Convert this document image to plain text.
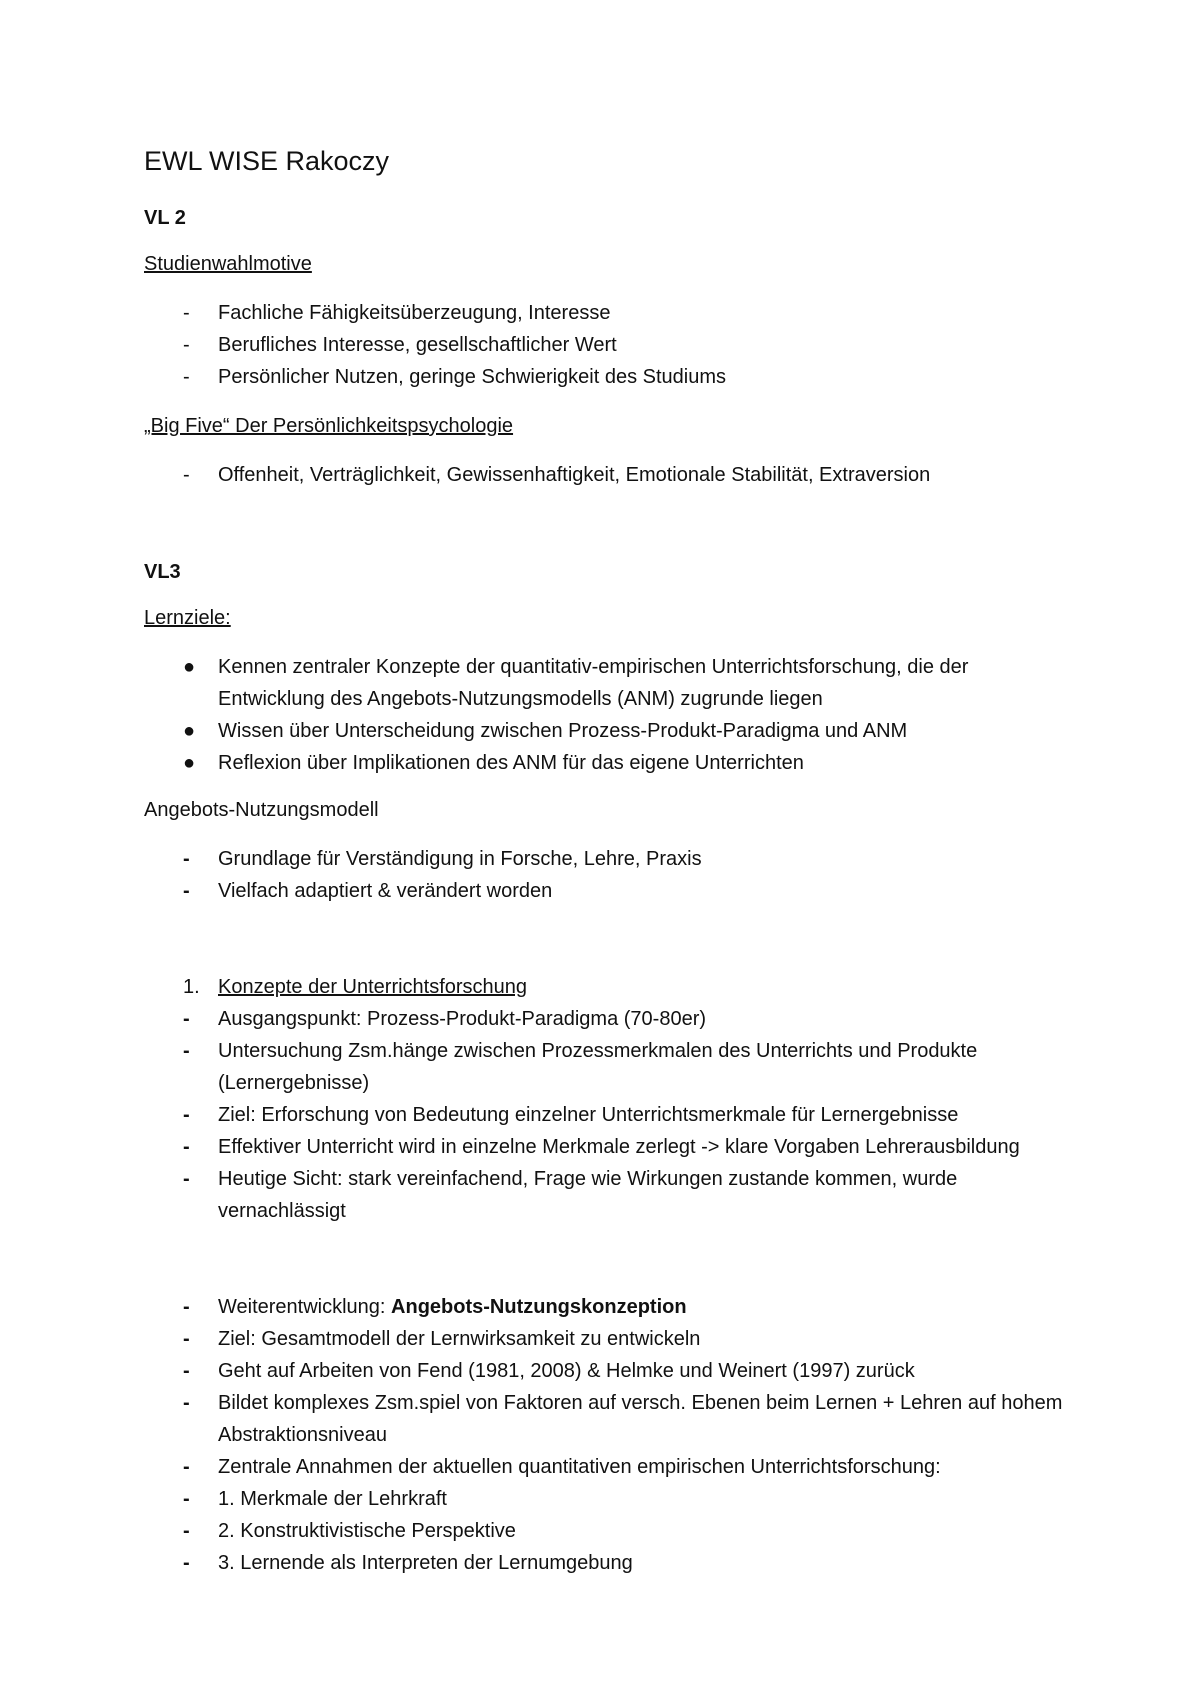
EWL WISE Rakoczy
VL 2
Studienwahlmotive
- Fachliche Fähigkeitsüberzeugung, Interesse
- Berufliches Interesse, gesellschaftlicher Wert
- Persönlicher Nutzen, geringe Schwierigkeit des Studiums
„Big Five“ Der Persönlichkeitspsychologie
- Offenheit, Verträglichkeit, Gewissenhaftigkeit, Emotionale Stabilität, Extraversion
VL3
Lernziele:
● Kennen zentraler Konzepte der quantitativ-empirischen Unterrichtsforschung, die der Entwicklung des Angebots-Nutzungsmodells (ANM) zugrunde liegen
● Wissen über Unterscheidung zwischen Prozess-Produkt-Paradigma und ANM
● Reflexion über Implikationen des ANM für das eigene Unterrichten
Angebots-Nutzungsmodell
- Grundlage für Verständigung in Forsche, Lehre, Praxis
- Vielfach adaptiert & verändert worden
1. Konzepte der Unterrichtsforschung
- Ausgangspunkt: Prozess-Produkt-Paradigma (70-80er)
- Untersuchung Zsm.hänge zwischen Prozessmerkmalen des Unterrichts und Produkte (Lernergebnisse)
- Ziel: Erforschung von Bedeutung einzelner Unterrichtsmerkmale für Lernergebnisse
- Effektiver Unterricht wird in einzelne Merkmale zerlegt -> klare Vorgaben Lehrerausbildung
- Heutige Sicht: stark vereinfachend, Frage wie Wirkungen zustande kommen, wurde vernachlässigt
- Weiterentwicklung: Angebots-Nutzungskonzeption
- Ziel: Gesamtmodell der Lernwirksamkeit zu entwickeln
- Geht auf Arbeiten von Fend (1981, 2008) & Helmke und Weinert (1997) zurück
- Bildet komplexes Zsm.spiel von Faktoren auf versch. Ebenen beim Lernen + Lehren auf hohem Abstraktionsniveau
- Zentrale Annahmen der aktuellen quantitativen empirischen Unterrichtsforschung:
- 1. Merkmale der Lehrkraft
- 2. Konstruktivistische Perspektive
- 3. Lernende als Interpreten der Lernumgebung
